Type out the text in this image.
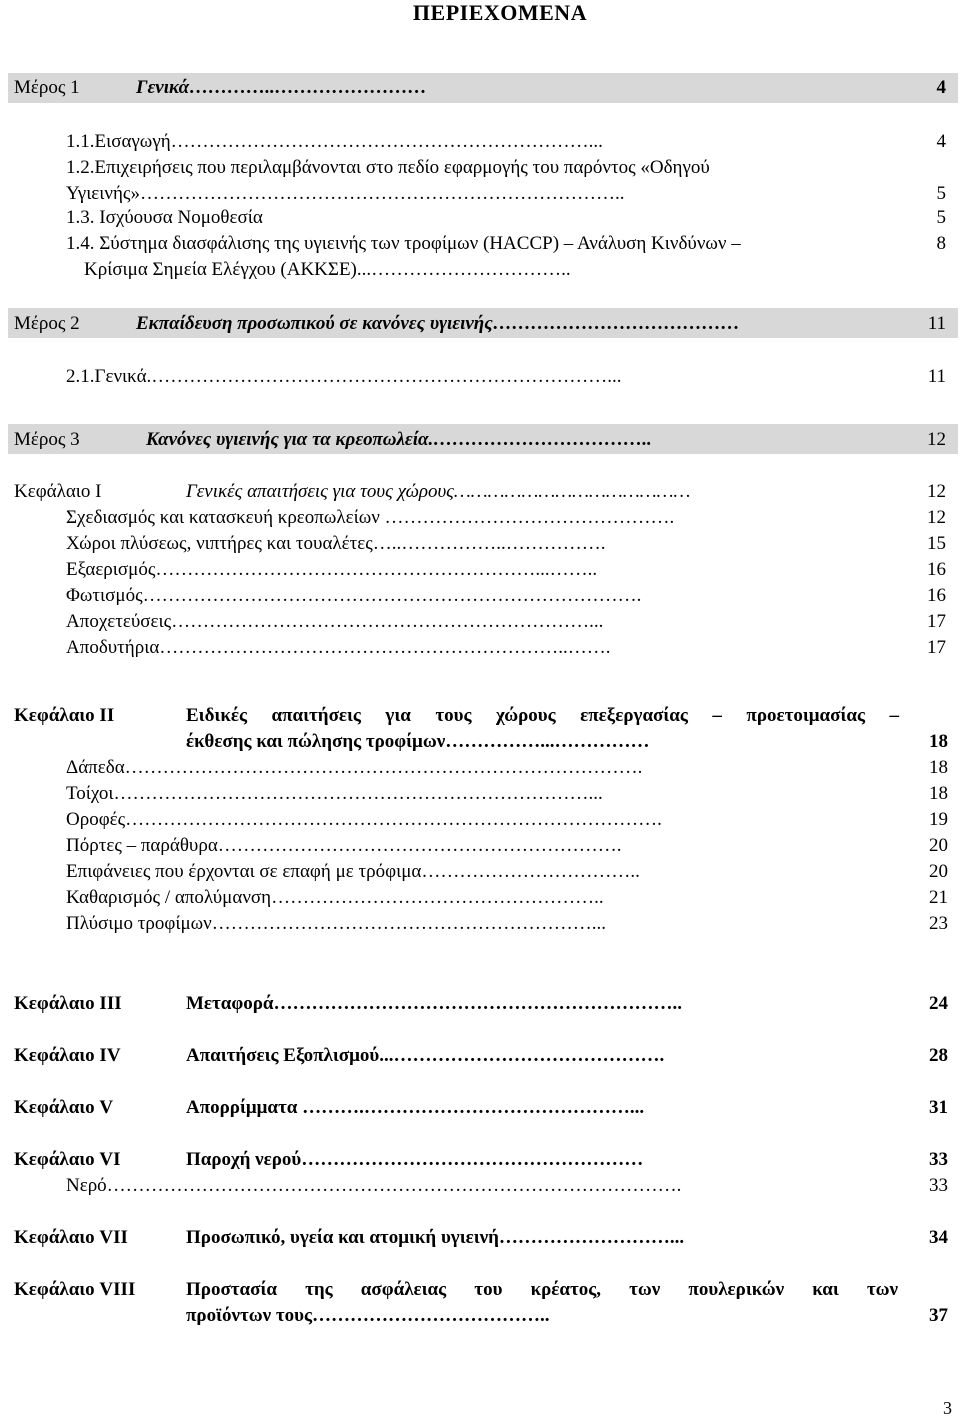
ΠΕΡΙΕΧΟΜΕΝΑ
Μέρος 1	Γενικά…………..……………………	4
1.1.Εισαγωγή…………………………………………………………...	4
1.2.Επιχειρήσεις που περιλαμβάνονται στο πεδίο εφαρμογής του παρόντος «Οδηγού
Υγιεινής»…………………………………………………………………..	5
1.3. Ισχύουσα Νομοθεσία	5
1.4. Σύστημα διασφάλισης της υγιεινής των τροφίμων (HACCP) – Ανάλυση Κινδύνων –	8
Κρίσιμα Σημεία Ελέγχου (ΑΚΚΣΕ)...…………………………..
Μέρος 2	Εκπαίδευση προσωπικού σε κανόνες υγιεινής…………………………………	11
2.1.Γενικά.………………………………………………………………...	11
Μέρος 3	Κανόνες υγιεινής για τα κρεοπωλεία.……………………………..	12
Κεφάλαιο I	Γενικές απαιτήσεις για τους χώρους……………………………………	12
Σχεδιασμός και κατασκευή κρεοπωλείων ……………………………………….	12
Χώροι πλύσεως, νιπτήρες και τουαλέτες…..……………..…………….	15
Εξαερισμός……………………………………………………...……..	16
Φωτισμός…………………………………………………………………….	16
Αποχετεύσεις…………………………………………………………...	17
Αποδυτήρια………………………………………………………..…….	17
Κεφάλαιο II	Ειδικές απαιτήσεις για τους χώρους επεξεργασίας – προετοιμασίας –
έκθεσης και πώλησης τροφίμων……………...……………	18
Δάπεδα……………………………………………………………………….	18
Τοίχοι…………………………………………………………………...	18
Οροφές………………………………………………………………………….	19
Πόρτες – παράθυρα……………………………………………………….	20
Επιφάνειες που έρχονται σε επαφή με τρόφιμα……………………………..	20
Καθαρισμός / απολύμανση……………………………………………..	21
Πλύσιμο τροφίμων……………………………………………………...	23
Κεφάλαιο III	Μεταφορά………………………………………………………..	24
Κεφάλαιο IV	Απαιτήσεις Εξοπλισμού...…………………………………….	28
Κεφάλαιο V	Απορρίμματα ……….……………………………………...	31
Κεφάλαιο VI	Παροχή νερού………………………………………………	33
Νερό……………………………………………………………………………….	33
Κεφάλαιο VII	Προσωπικό, υγεία και ατομική υγιεινή………………………...	34
Κεφάλαιο VIII	Προστασία της ασφάλειας του κρέατος, των πουλερικών και των
προϊόντων τους………………………………..	37
3
